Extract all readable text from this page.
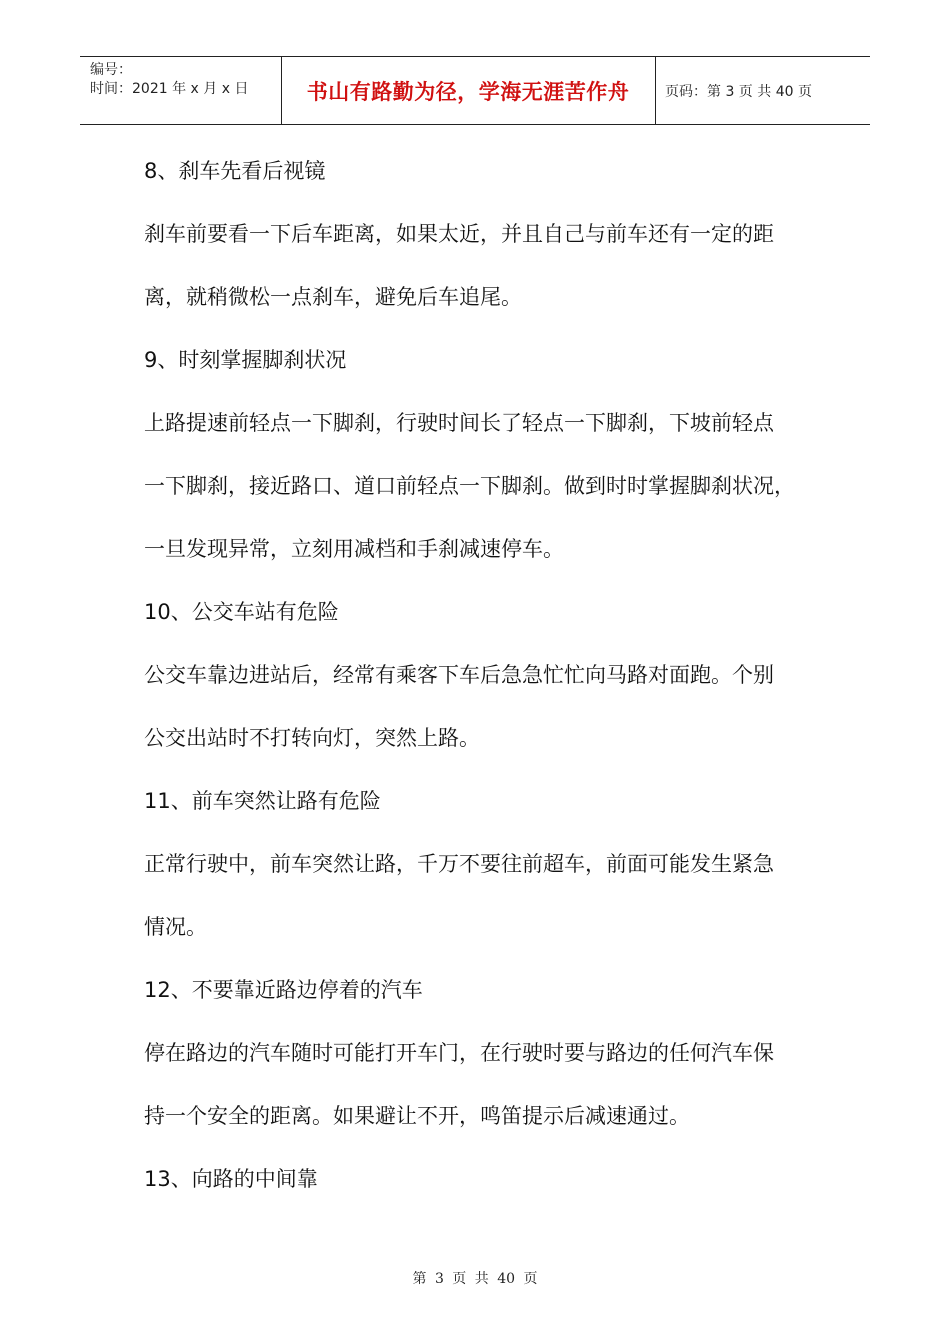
编号：
时间：2021 年 x 月 x 日	书山有路勤为径，学海无涯苦作舟	页码：第 3 页 共 40 页
8、刹车先看后视镜
刹车前要看一下后车距离，如果太近，并且自己与前车还有一定的距
离，就稍微松一点刹车，避免后车追尾。
9、时刻掌握脚刹状况
上路提速前轻点一下脚刹，行驶时间长了轻点一下脚刹，下坡前轻点
一下脚刹，接近路口、道口前轻点一下脚刹。做到时时掌握脚刹状况，
一旦发现异常，立刻用减档和手刹减速停车。
10、公交车站有危险
公交车靠边进站后，经常有乘客下车后急急忙忙向马路对面跑。个别
公交出站时不打转向灯，突然上路。
11、前车突然让路有危险
正常行驶中，前车突然让路，千万不要往前超车，前面可能发生紧急
情况。
12、不要靠近路边停着的汽车
停在路边的汽车随时可能打开车门，在行驶时要与路边的任何汽车保
持一个安全的距离。如果避让不开，鸣笛提示后减速通过。
13、向路的中间靠
第 3 页 共 40 页
